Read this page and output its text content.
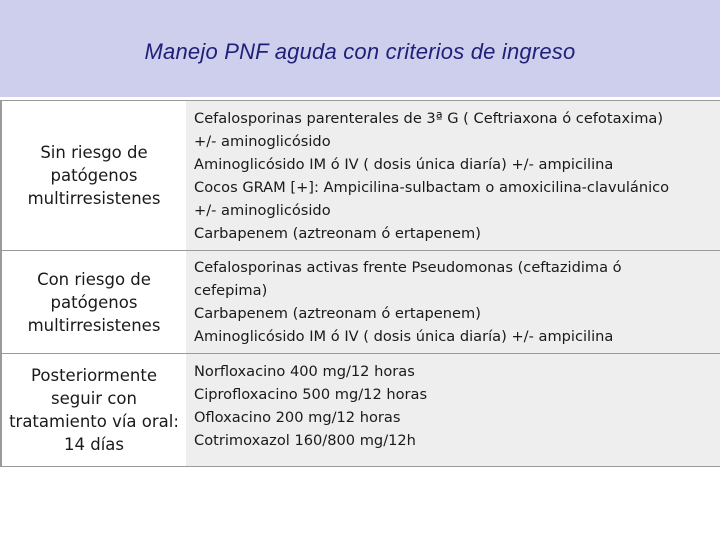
Manejo PNF aguda con criterios de ingreso
Sin riesgo de patógenos multirresistenes
Cefalosporinas parenterales de 3ª G ( Ceftriaxona ó cefotaxima)
+/- aminoglicósido
Aminoglicósido IM ó IV ( dosis única diaría) +/- ampicilina
Cocos GRAM [+]: Ampicilina-sulbactam o amoxicilina-clavulánico
+/- aminoglicósido
Carbapenem (aztreonam ó ertapenem)
Con riesgo de patógenos multirresistenes
Cefalosporinas activas frente Pseudomonas (ceftazidima ó
cefepima)
Carbapenem (aztreonam ó ertapenem)
Aminoglicósido IM ó IV ( dosis única diaría) +/- ampicilina
Posteriormente seguir con tratamiento vía oral: 14 días
Norfloxacino 400 mg/12 horas
Ciprofloxacino 500 mg/12 horas
Ofloxacino 200 mg/12 horas
Cotrimoxazol 160/800 mg/12h
